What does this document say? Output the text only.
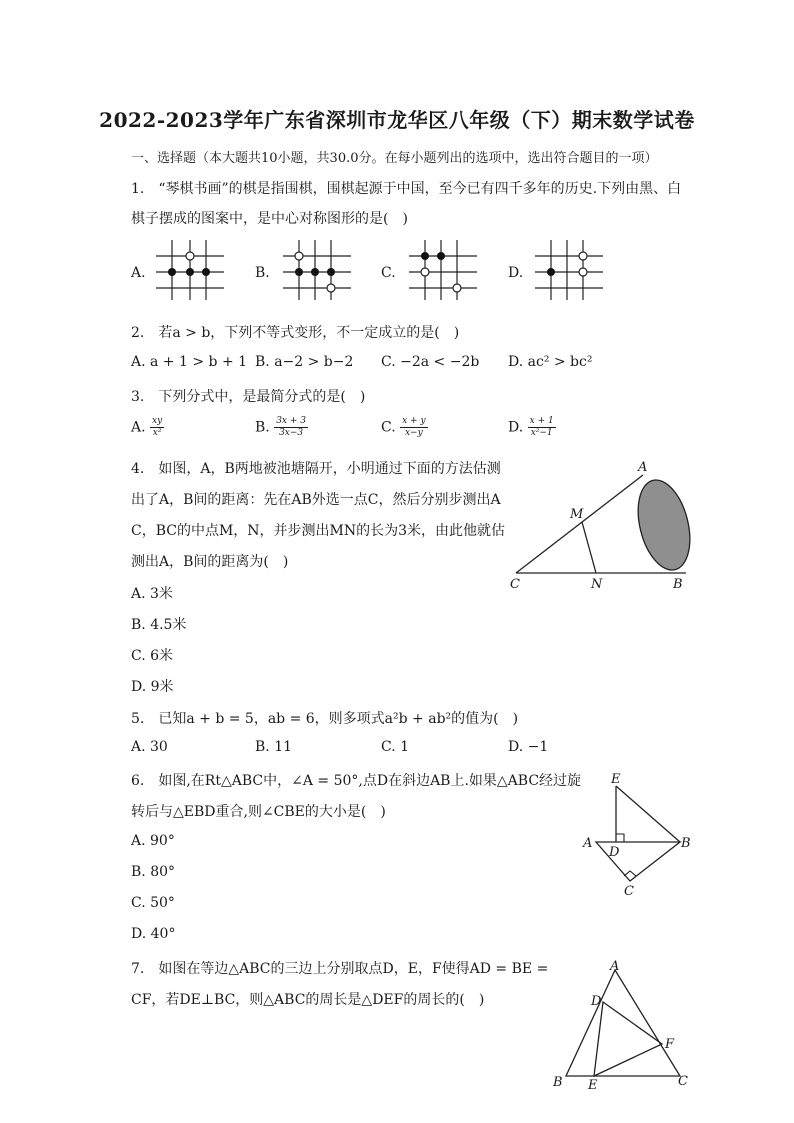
2022-2023学年广东省深圳市龙华区八年级（下）期末数学试卷
一、选择题（本大题共10小题，共30.0分。在每小题列出的选项中，选出符合题目的一项）
1.　“琴棋书画”的棋是指围棋，围棋起源于中国，至今已有四千多年的历史.下列由黑、白
棋子摆成的图案中，是中心对称图形的是(　)
A.	B.	C.	D.
2.　若a > b，下列不等式变形，不一定成立的是(　)
A. a + 1 > b + 1 B. a−2 > b−2 C. −2a < −2b D. ac² > bc²
3.　下列分式中，是最简分式的是(　)
A. $\frac{xy}{\text{x²}}$	B. $\frac{3x + 3}{3x-3}$	C. $\frac{x + y}{x-y}$	D. $\frac{x + 1}{\text{x²−1}}$
4.　如图，A，B两地被池塘隔开，小明通过下面的方法估测
出了A，B间的距离：先在AB外选一点C，然后分别步测出A
C，BC的中点M，N，并步测出MN的长为3米，由此他就估
测出A，B间的距离为(　)
A. 3米
B. 4.5米
C. 6米
D. 9米
A
M
C	N	B
5.　已知a + b = 5，ab = 6，则多项式a²b + ab²的值为(　)
A. 30	B. 11	C. 1	D. −1
6.　如图,在Rt△ABC中，∠A = 50°,点D在斜边AB上.如果△ABC经过旋
转后与△EBD重合,则∠CBE的大小是(　)
A. 90°
B. 80°
C. 50°
D. 40°
E
A
D
B
C
7.　如图在等边△ABC的三边上分别取点D，E，F使得AD = BE =
CF，若DE⊥BC，则△ABC的周长是△DEF的周长的(　)
A
D
F
B E	C
